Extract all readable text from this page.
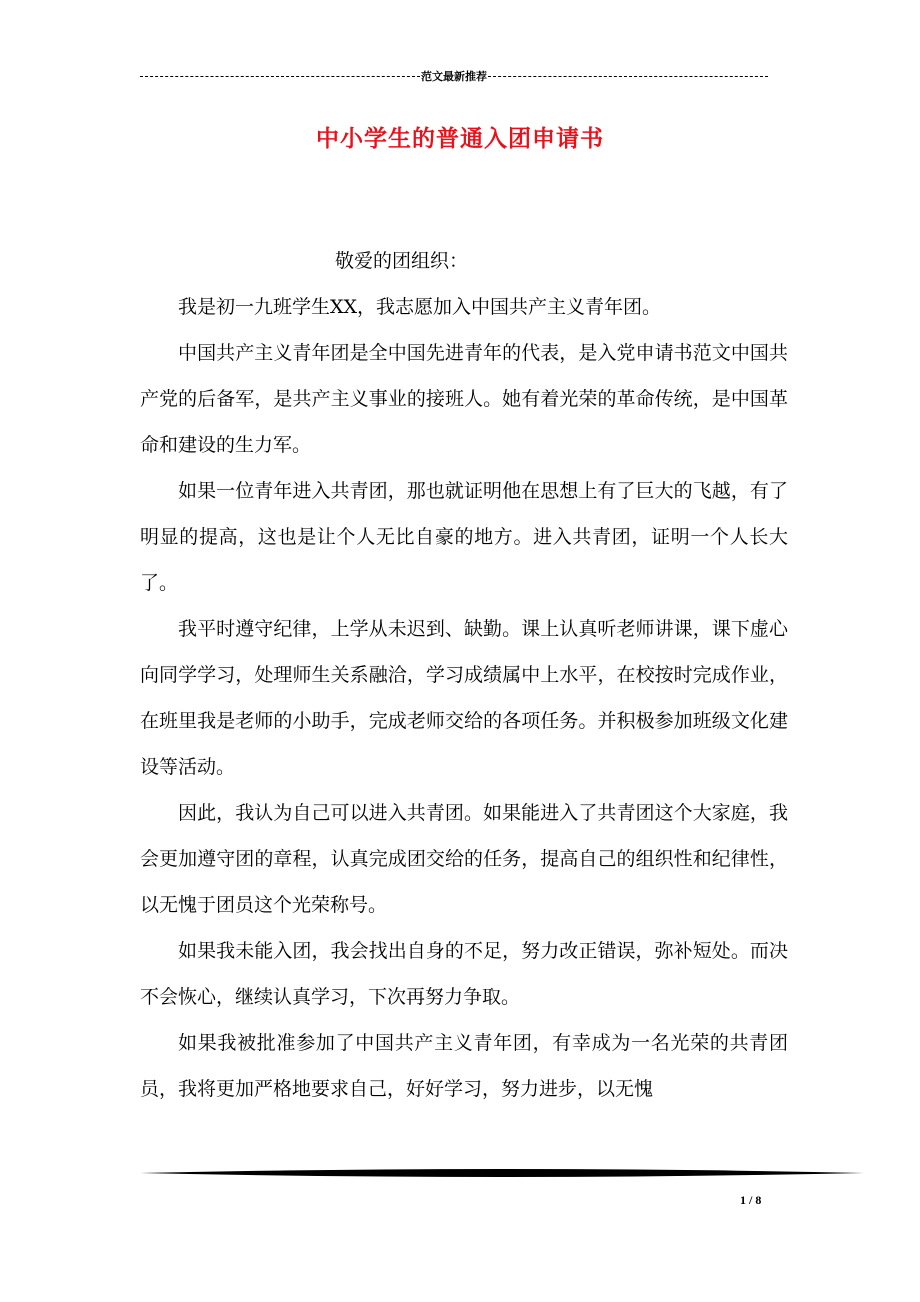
范文最新推荐
中小学生的普通入团申请书

敬爱的团组织：

我是初一九班学生XX，我志愿加入中国共产主义青年团。

中国共产主义青年团是全中国先进青年的代表，是入党申请书范文中国共产党的后备军，是共产主义事业的接班人。她有着光荣的革命传统，是中国革命和建设的生力军。

如果一位青年进入共青团，那也就证明他在思想上有了巨大的飞越，有了明显的提高，这也是让个人无比自豪的地方。进入共青团，证明一个人长大了。

我平时遵守纪律，上学从未迟到、缺勤。课上认真听老师讲课，课下虚心向同学学习，处理师生关系融洽，学习成绩属中上水平，在校按时完成作业，在班里我是老师的小助手，完成老师交给的各项任务。并积极参加班级文化建设等活动。

因此，我认为自己可以进入共青团。如果能进入了共青团这个大家庭，我会更加遵守团的章程，认真完成团交给的任务，提高自己的组织性和纪律性，以无愧于团员这个光荣称号。

如果我未能入团，我会找出自身的不足，努力改正错误，弥补短处。而决不会恢心，继续认真学习，下次再努力争取。

如果我被批准参加了中国共产主义青年团，有幸成为一名光荣的共青团员，我将更加严格地要求自己，好好学习，努力进步，以无愧

1 / 8
